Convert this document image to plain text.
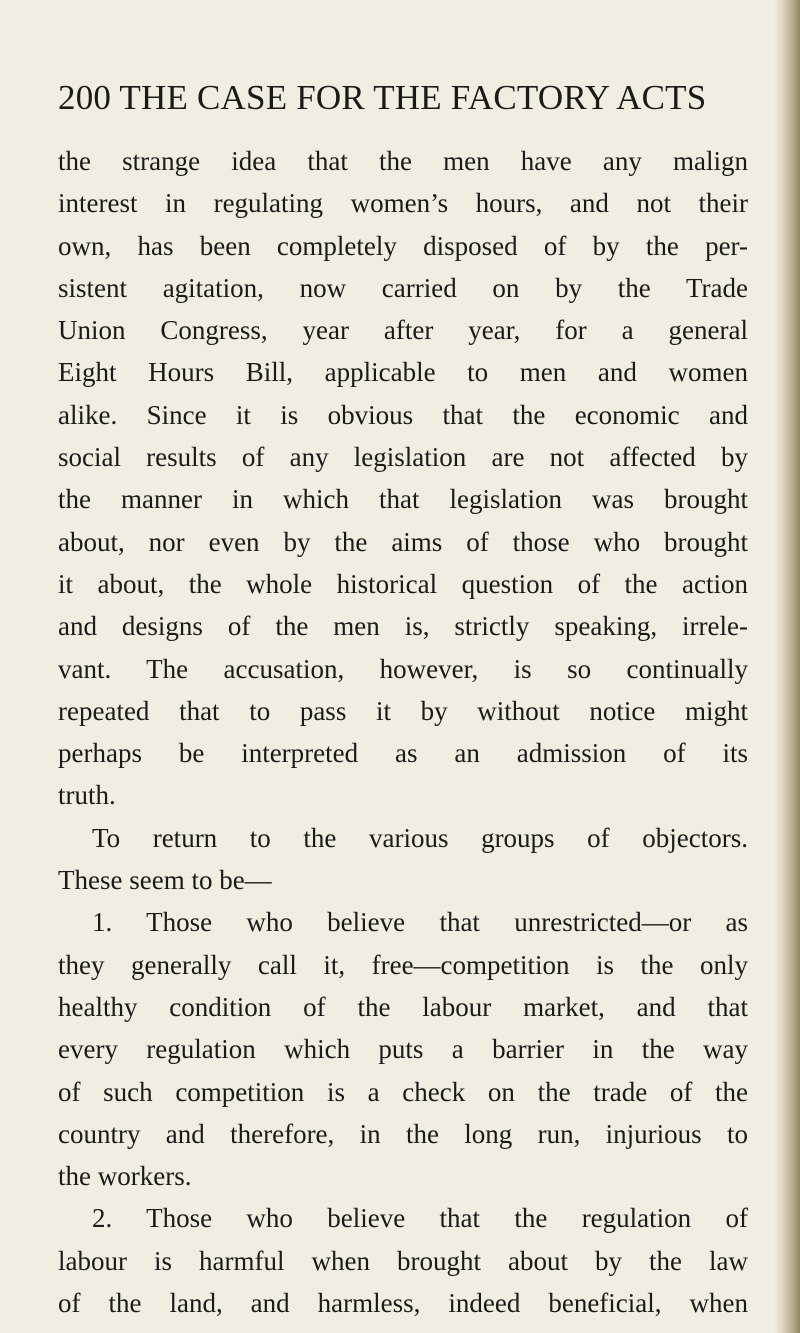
200 THE CASE FOR THE FACTORY ACTS
the strange idea that the men have any malign
interest in regulating women’s hours, and not their
own, has been completely disposed of by the per-
sistent agitation, now carried on by the Trade
Union Congress, year after year, for a general
Eight Hours Bill, applicable to men and women
alike. Since it is obvious that the economic and
social results of any legislation are not affected by
the manner in which that legislation was brought
about, nor even by the aims of those who brought
it about, the whole historical question of the action
and designs of the men is, strictly speaking, irrele-
vant. The accusation, however, is so continually
repeated that to pass it by without notice might
perhaps be interpreted as an admission of its
truth.
To return to the various groups of objectors.
These seem to be—
1. Those who believe that unrestricted—or as
they generally call it, free—competition is the only
healthy condition of the labour market, and that
every regulation which puts a barrier in the way
of such competition is a check on the trade of the
country and therefore, in the long run, injurious to
the workers.
2. Those who believe that the regulation of
labour is harmful when brought about by the law
of the land, and harmless, indeed beneficial, when
